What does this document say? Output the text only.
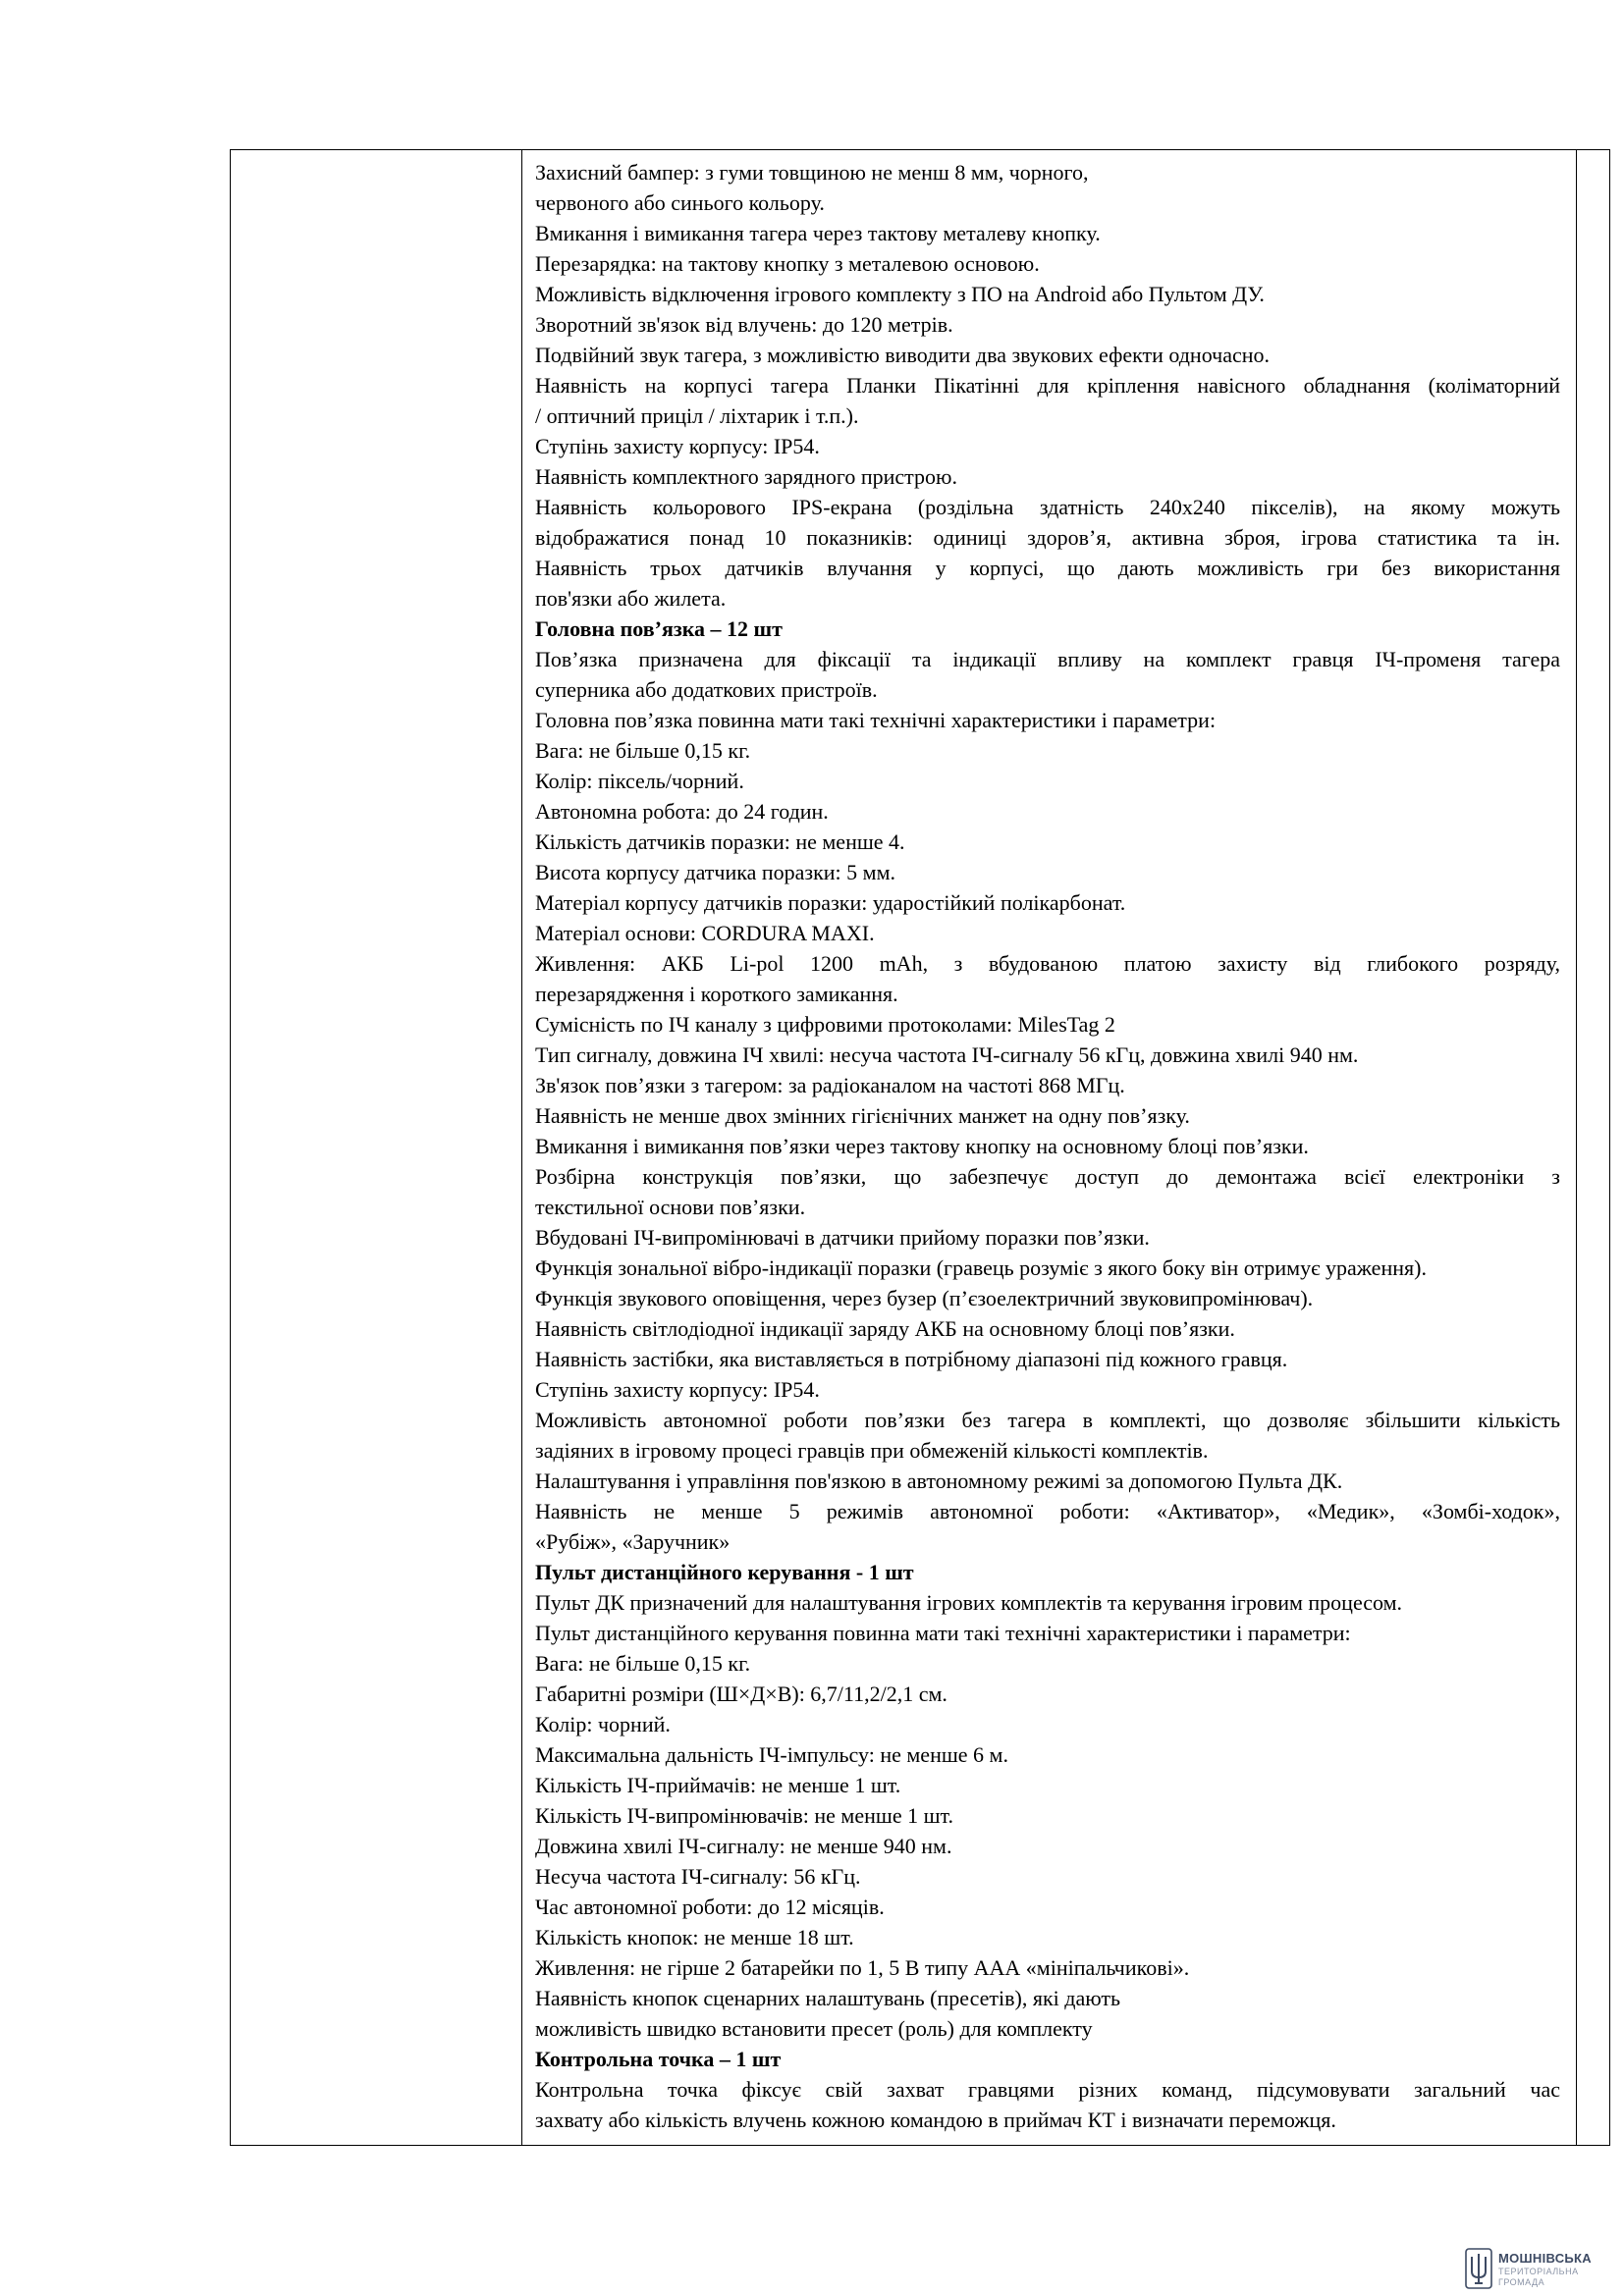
Захисний бампер: з гуми товщиною не менш 8 мм, чорного,
червоного або синього кольору.
Вмикання і вимикання тагера через тактову металеву кнопку.
Перезарядка: на тактову кнопку з металевою основою.
Можливість відключення ігрового комплекту з ПО на Android або Пультом ДУ.
Зворотний зв'язок від влучень: до 120 метрів.
Подвійний звук тагера, з можливістю виводити два звукових ефекти одночасно.
Наявність на корпусі тагера Планки Пікатінні для кріплення навісного обладнання (коліматорний
/ оптичний приціл / ліхтарик і т.п.).
Ступінь захисту корпусу: IP54.
Наявність комплектного зарядного пристрою.
Наявність кольорового IPS-екрана (роздільна здатність 240х240 пікселів), на якому можуть
відображатися понад 10 показників: одиниці здоров’я, активна зброя, ігрова статистика та ін.
Наявність трьох датчиків влучання у корпусі, що дають можливість гри без використання
пов'язки або жилета.
Головна пов’язка – 12 шт
Пов’язка призначена для фіксації та індикації впливу на комплект гравця ІЧ-променя тагера
суперника або додаткових пристроїв.
Головна пов’язка повинна мати такі технічні характеристики і параметри:
Вага: не більше 0,15 кг.
Колір: піксель/чорний.
Автономна робота: до 24 годин.
Кількість датчиків поразки: не менше 4.
Висота корпусу датчика поразки: 5 мм.
Матеріал корпусу датчиків поразки: ударостійкий полікарбонат.
Матеріал основи: CORDURA MAXI.
Живлення: АКБ Li-pol 1200 mAh, з вбудованою платою захисту від глибокого розряду,
перезарядження і короткого замикання.
Сумісність по ІЧ каналу з цифровими протоколами: MilesTag 2
Тип сигналу, довжина ІЧ хвилі: несуча частота ІЧ-сигналу 56 кГц, довжина хвилі 940 нм.
Зв'язок пов’язки з тагером: за радіоканалом на частоті 868 МГц.
Наявність не менше двох змінних гігієнічних манжет на одну пов’язку.
Вмикання і вимикання пов’язки через тактову кнопку на основному блоці пов’язки.
Розбірна конструкція пов’язки, що забезпечує доступ до демонтажа всієї електроніки з
текстильної основи пов’язки.
Вбудовані ІЧ-випромінювачі в датчики прийому поразки пов’язки.
Функція зональної вібро-індикації поразки (гравець розуміє з якого боку він отримує ураження).
Функція звукового оповіщення, через бузер (п’єзоелектричний звуковипромінювач).
Наявність світлодіодної індикації заряду АКБ на основному блоці пов’язки.
Наявність застібки, яка виставляється в потрібному діапазоні під кожного гравця.
Ступінь захисту корпусу: IP54.
Можливість автономної роботи пов’язки без тагера в комплекті, що дозволяє збільшити кількість
задіяних в ігровому процесі гравців при обмеженій кількості комплектів.
Налаштування і управління пов'язкою в автономному режимі за допомогою Пульта ДК.
Наявність не менше 5 режимів автономної роботи: «Активатор», «Медик», «Зомбі-ходок»,
«Рубіж», «Заручник»
Пульт дистанційного керування - 1 шт
Пульт ДК призначений для налаштування ігрових комплектів та керування ігровим процесом.
Пульт дистанційного керування повинна мати такі технічні характеристики і параметри:
Вага: не більше 0,15 кг.
Габаритні розміри (Ш×Д×В): 6,7/11,2/2,1 см.
Колір: чорний.
Максимальна дальність ІЧ-імпульсу: не менше 6 м.
Кількість ІЧ-приймачів: не менше 1 шт.
Кількість ІЧ-випромінювачів: не менше 1 шт.
Довжина хвилі ІЧ-сигналу: не менше 940 нм.
Несуча частота ІЧ-сигналу: 56 кГц.
Час автономної роботи: до 12 місяців.
Кількість кнопок: не менше 18 шт.
Живлення: не гірше 2 батарейки по 1, 5 В типу ААА «мініпальчикові».
Наявність кнопок сценарних налаштувань (пресетів), які дають
можливість швидко встановити пресет (роль) для комплекту
Контрольна точка – 1 шт
Контрольна точка фіксує свій захват гравцями різних команд, підсумовувати загальний час
захвату або кількість влучень кожною командою в приймач КТ і визначати переможця.

МОШНІВСЬКА
ТЕРИТОРІАЛЬНА
ГРОМАДА
